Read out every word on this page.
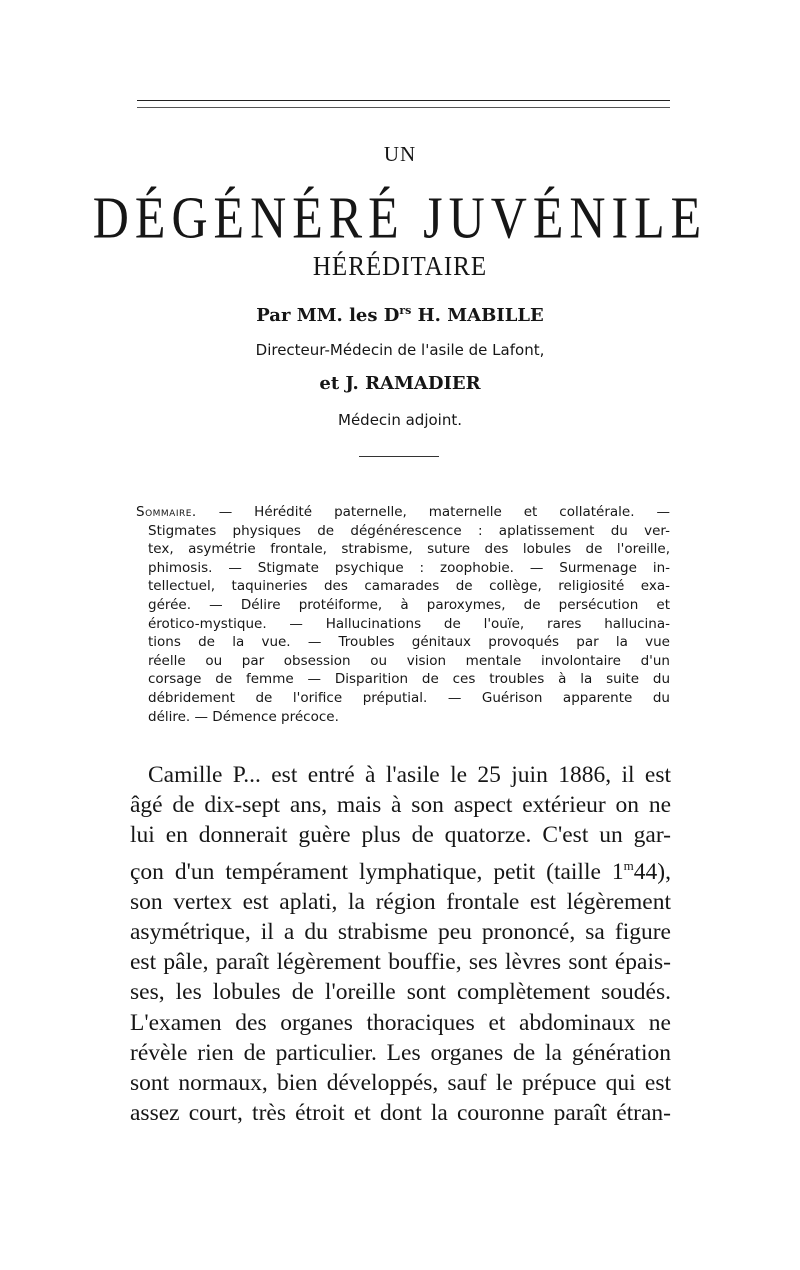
UN
DÉGÉNÉRÉ JUVÉNILE
HÉRÉDITAIRE
Par MM. les $D^{rs}$ H. MABILLE
Directeur-Médecin de l'asile de Lafont,
et J. RAMADIER
Médecin adjoint.
Sommaire. — Hérédité paternelle, maternelle et collatérale. —
Stigmates physiques de dégénérescence : aplatissement du ver-
tex, asymétrie frontale, strabisme, suture des lobules de l'oreille,
phimosis. — Stigmate psychique : zoophobie. — Surmenage in-
tellectuel, taquineries des camarades de collège, religiosité exa-
gérée. — Délire protéiforme, à paroxymes, de persécution et
érotico-mystique. — Hallucinations de l'ouïe, rares hallucina-
tions de la vue. — Troubles génitaux provoqués par la vue
réelle ou par obsession ou vision mentale involontaire d'un
corsage de femme — Disparition de ces troubles à la suite du
débridement de l'orifice préputial. — Guérison apparente du
délire. — Démence précoce.
Camille P... est entré à l'asile le 25 juin 1886, il est
âgé de dix-sept ans, mais à son aspect extérieur on ne
lui en donnerait guère plus de quatorze. C'est un gar-
çon d'un tempérament lymphatique, petit (taille 1$^m$44),
son vertex est aplati, la région frontale est légèrement
asymétrique, il a du strabisme peu prononcé, sa figure
est pâle, paraît légèrement bouffie, ses lèvres sont épais-
ses, les lobules de l'oreille sont complètement soudés.
L'examen des organes thoraciques et abdominaux ne
révèle rien de particulier. Les organes de la génération
sont normaux, bien développés, sauf le prépuce qui est
assez court, très étroit et dont la couronne paraît étran-
